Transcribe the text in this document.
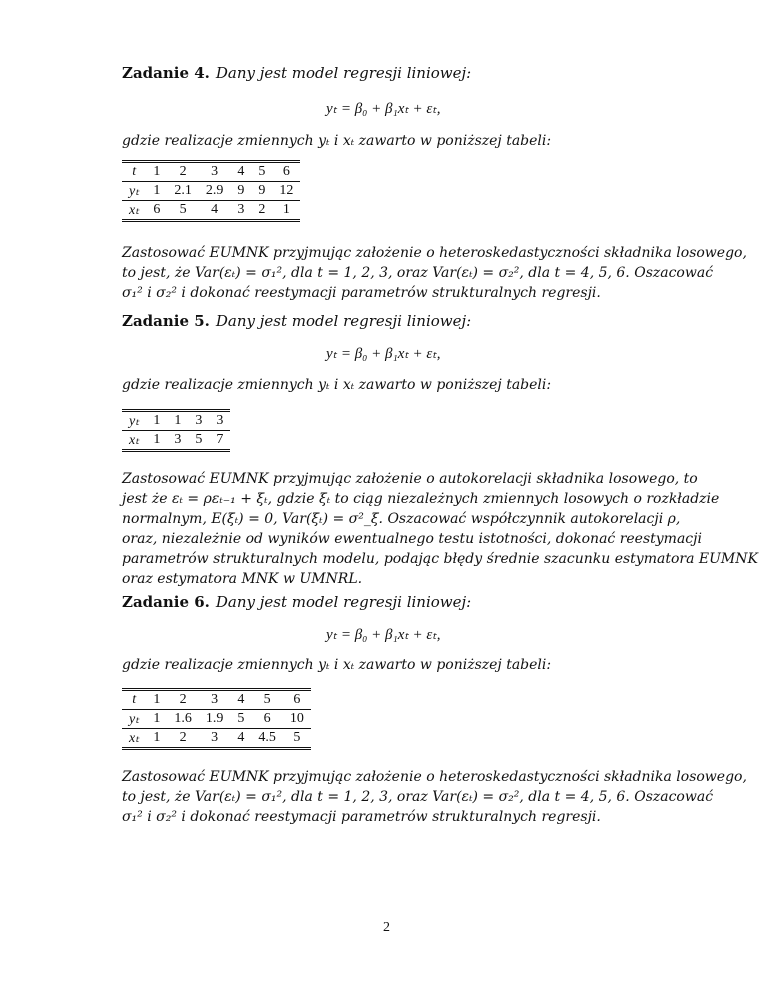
Zadanie 4. Dany jest model regresji liniowej:
yₜ = β₀ + β₁xₜ + εₜ,
gdzie realizacje zmiennych yₜ i xₜ zawarto w poniższej tabeli:
t	1	2	3	4	5	6
yₜ	1	2.1	2.9	9	9	12
xₜ	6	5	4	3	2	1
Zastosować EUMNK przyjmując założenie o heteroskedastyczności składnika losowego,
to jest, że Var(εₜ) = σ₁², dla t = 1, 2, 3, oraz Var(εₜ) = σ₂², dla t = 4, 5, 6. Oszacować
σ₁² i σ₂² i dokonać reestymacji parametrów strukturalnych regresji.
Zadanie 5. Dany jest model regresji liniowej:
yₜ = β₀ + β₁xₜ + εₜ,
gdzie realizacje zmiennych yₜ i xₜ zawarto w poniższej tabeli:
yₜ	1	1	3	3
xₜ	1	3	5	7
Zastosować EUMNK przyjmując założenie o autokorelacji składnika losowego, to
jest że εₜ = ρεₜ₋₁ + ξₜ, gdzie ξₜ to ciąg niezależnych zmiennych losowych o rozkładzie
normalnym, E(ξₜ) = 0, Var(ξₜ) = σ²_ξ. Oszacować współczynnik autokorelacji ρ,
oraz, niezależnie od wyników ewentualnego testu istotności, dokonać reestymacji
parametrów strukturalnych modelu, podając błędy średnie szacunku estymatora EUMNK
oraz estymatora MNK w UMNRL.
Zadanie 6. Dany jest model regresji liniowej:
yₜ = β₀ + β₁xₜ + εₜ,
gdzie realizacje zmiennych yₜ i xₜ zawarto w poniższej tabeli:
t	1	2	3	4	5	6
yₜ	1	1.6	1.9	5	6	10
xₜ	1	2	3	4	4.5	5
Zastosować EUMNK przyjmując założenie o heteroskedastyczności składnika losowego,
to jest, że Var(εₜ) = σ₁², dla t = 1, 2, 3, oraz Var(εₜ) = σ₂², dla t = 4, 5, 6. Oszacować
σ₁² i σ₂² i dokonać reestymacji parametrów strukturalnych regresji.
2
